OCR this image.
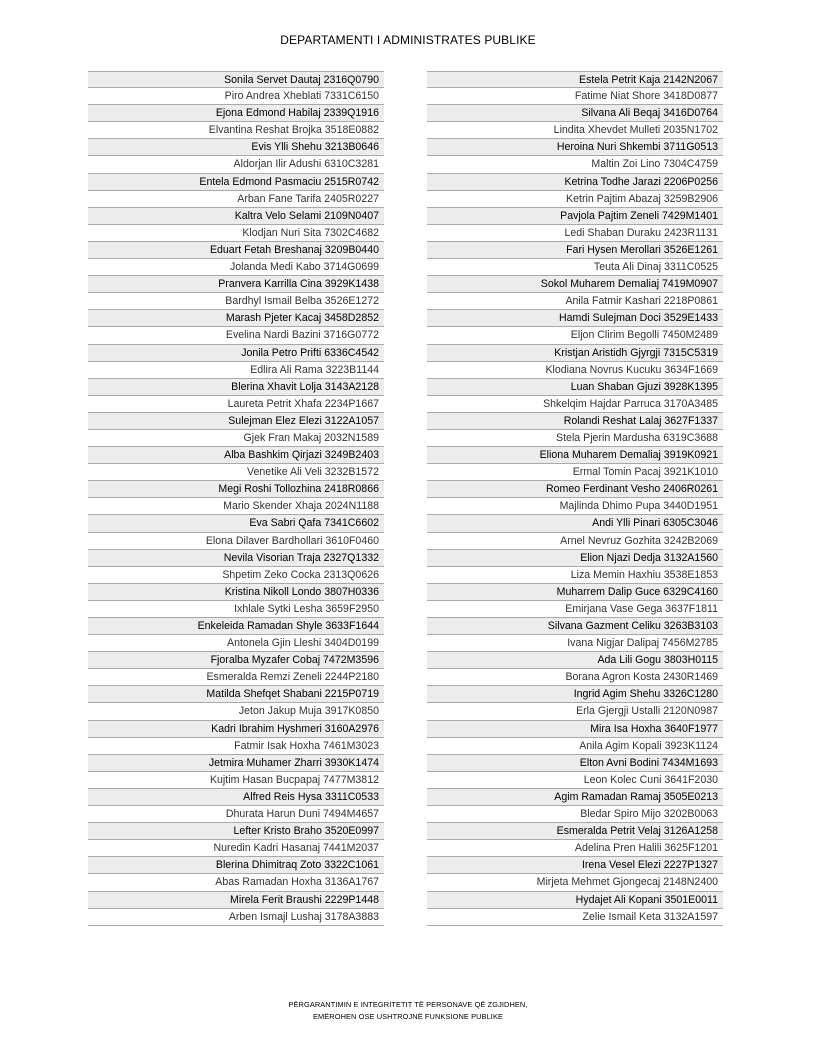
DEPARTAMENTI I ADMINISTRATES PUBLIKE
Sonila Servet Dautaj 2316Q0790
Piro Andrea Xheblati 7331C6150
Ejona Edmond Habilaj 2339Q1916
Elvantina Reshat Brojka 3518E0882
Evis Ylli Shehu 3213B0646
Aldorjan Ilir Adushi 6310C3281
Entela Edmond Pasmaciu 2515R0742
Arban Fane Tarifa 2405R0227
Kaltra Velo Selami 2109N0407
Klodjan Nuri Sita 7302C4682
Eduart Fetah Breshanaj 3209B0440
Jolanda Medi Kabo 3714G0699
Pranvera Karrilla Cina 3929K1438
Bardhyl Ismail Belba 3526E1272
Marash Pjeter Kacaj 3458D2852
Evelina Nardi Bazini 3716G0772
Jonila Petro Prifti 6336C4542
Edlira Ali Rama 3223B1144
Blerina Xhavit Lolja 3143A2128
Laureta Petrit Xhafa 2234P1667
Sulejman Elez Elezi 3122A1057
Gjek Fran Makaj 2032N1589
Alba Bashkim Qirjazi 3249B2403
Venetike Ali Veli 3232B1572
Megi Roshi Tollozhina 2418R0866
Mario Skender Xhaja 2024N1188
Eva Sabri Qafa 7341C6602
Elona Dilaver Bardhollari 3610F0460
Nevila Visorian Traja 2327Q1332
Shpetim Zeko Cocka 2313Q0626
Kristina Nikoll Londo 3807H0336
Ixhlale Sytki Lesha 3659F2950
Enkeleida Ramadan Shyle 3633F1644
Antonela Gjin Lleshi 3404D0199
Fjoralba Myzafer Cobaj 7472M3596
Esmeralda Remzi Zeneli 2244P2180
Matilda Shefqet Shabani 2215P0719
Jeton Jakup Muja 3917K0850
Kadri Ibrahim Hyshmeri 3160A2976
Fatmir Isak Hoxha 7461M3023
Jetmira Muhamer Zharri 3930K1474
Kujtim Hasan Bucpapaj 7477M3812
Alfred Reis Hysa 3311C0533
Dhurata Harun Duni 7494M4657
Lefter Kristo Braho 3520E0997
Nuredin Kadri Hasanaj 7441M2037
Blerina Dhimitraq Zoto 3322C1061
Abas Ramadan Hoxha 3136A1767
Mirela Ferit Braushi 2229P1448
Arben Ismajl Lushaj 3178A3883
Estela Petrit Kaja 2142N2067
Fatime Niat Shore 3418D0877
Silvana Ali Beqaj 3416D0764
Lindita Xhevdet Mulleti 2035N1702
Heroina Nuri Shkembi 3711G0513
Maltin Zoi Lino 7304C4759
Ketrina Todhe Jarazi 2206P0256
Ketrin Pajtim Abazaj 3259B2906
Pavjola Pajtim Zeneli 7429M1401
Ledi Shaban Duraku 2423R1131
Fari Hysen Merollari 3526E1261
Teuta Ali Dinaj 3311C0525
Sokol Muharem Demaliaj 7419M0907
Anila Fatmir Kashari 2218P0861
Hamdi Sulejman Doci 3529E1433
Eljon Clirim Begolli 7450M2489
Kristjan Aristidh Gjyrgji 7315C5319
Klodiana Novrus Kucuku 3634F1669
Luan Shaban Gjuzi 3928K1395
Shkelqim Hajdar Parruca 3170A3485
Rolandi Reshat Lalaj 3627F1337
Stela Pjerin Mardusha 6319C3688
Eliona Muharem Demaliaj 3919K0921
Ermal Tomin Pacaj 3921K1010
Romeo Ferdinant Vesho 2406R0261
Majlinda Dhimo Pupa 3440D1951
Andi Ylli Pinari 6305C3046
Arnel Nevruz Gozhita 3242B2069
Elion Njazi Dedja 3132A1560
Liza Memin Haxhiu 3538E1853
Muharrem Dalip Guce 6329C4160
Emirjana Vase Gega 3637F1811
Silvana Gazment Celiku 3263B3103
Ivana Nigjar Dalipaj 7456M2785
Ada Lili Gogu 3803H0115
Borana Agron Kosta 2430R1469
Ingrid Agim Shehu 3326C1280
Erla Gjergji Ustalli 2120N0987
Mira Isa Hoxha 3640F1977
Anila Agim Kopali 3923K1124
Elton Avni Bodini 7434M1693
Leon Kolec Cuni 3641F2030
Agim Ramadan Ramaj 3505E0213
Bledar Spiro Mijo 3202B0063
Esmeralda Petrit Velaj 3126A1258
Adelina Pren Halili 3625F1201
Irena Vesel Elezi 2227P1327
Mirjeta Mehmet Gjongecaj 2148N2400
Hydajet Ali Kopani 3501E0011
Zelie Ismail Keta 3132A1597
PËRGARANTIMIN E INTEGRITETIT TË PERSONAVE QË ZGJIDHEN,
EMËROHEN OSE USHTROJNË FUNKSIONE PUBLIKE
